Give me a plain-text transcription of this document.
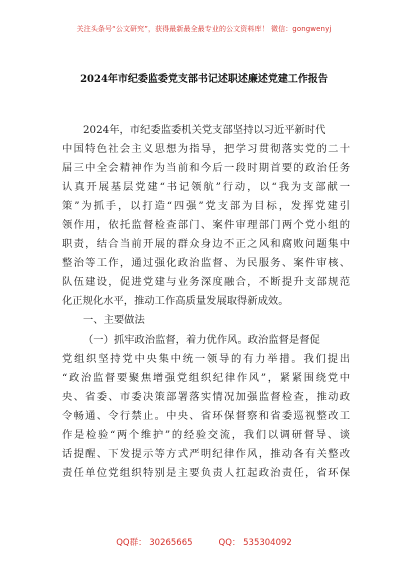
关注头条号“公文研究”，获得最新最全最专业的公文资料库！ 微信：gongwenyj
2024年市纪委监委党支部书记述职述廉述党建工作报告
2024年，市纪委监委机关党支部坚持以习近平新时代
中国特色社会主义思想为指导，把学习贯彻落实党的二十
届三中全会精神作为当前和今后一段时期首要的政治任务
认真开展基层党建“书记领航”行动，以“我为支部献一
策”为抓手，以打造“四强”党支部为目标，发挥党建引
领作用，依托监督检查部门、案件审理部门两个党小组的
职责，结合当前开展的群众身边不正之风和腐败问题集中
整治等工作，通过强化政治监督、为民服务、案件审核、
队伍建设，促进党建与业务深度融合，不断提升支部规范
化正规化水平，推动工作高质量发展取得新成效。
一、主要做法
（一）抓牢政治监督，着力优作风。政治监督是督促
党组织坚持党中央集中统一领导的有力举措。我们提出
“政治监督要聚焦增强党组织纪律作风”，紧紧围绕党中
央、省委、市委决策部署落实情况加强监督检查，推动政
令畅通、令行禁止。中央、省环保督察和省委巡视整改工
作是检验“两个维护”的经验交流，我们以调研督导、谈
话提醒、下发提示等方式严明纪律作风，推动各有关整改
责任单位党组织特别是主要负责人扛起政治责任，省环保
QQ群： 30265665	QQ： 535304092
